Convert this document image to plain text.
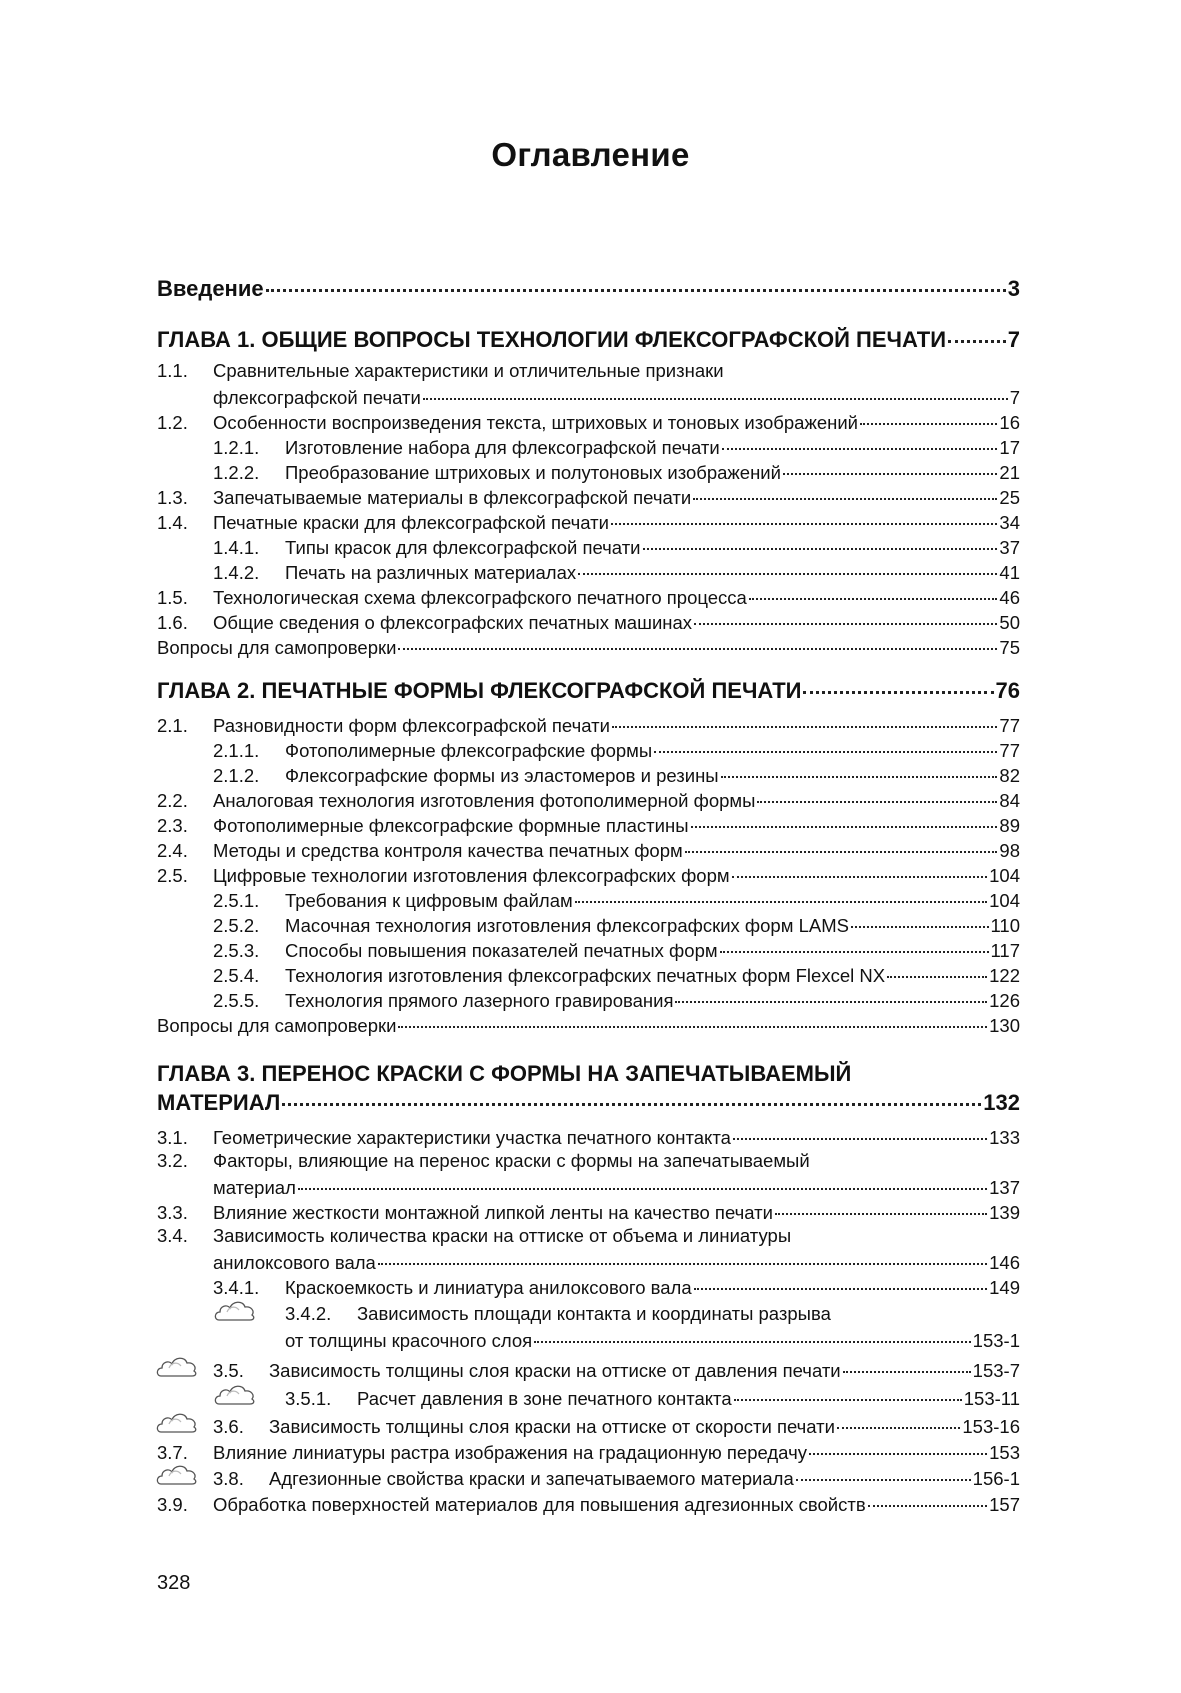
Оглавление
Введение	3
ГЛАВА 1. ОБЩИЕ ВОПРОСЫ ТЕХНОЛОГИИ ФЛЕКСОГРАФСКОЙ ПЕЧАТИ	7
1.1.	Сравнительные характеристики и отличительные признаки
флексографской печати	7
1.2.	Особенности воспроизведения текста, штриховых и тоновых изображений	16
1.2.1.	Изготовление набора для флексографской печати	17
1.2.2.	Преобразование штриховых и полутоновых изображений	21
1.3.	Запечатываемые материалы в флексографской печати	25
1.4.	Печатные краски для флексографской печати	34
1.4.1.	Типы красок для флексографской печати	37
1.4.2.	Печать на различных материалах	41
1.5.	Технологическая схема флексографского печатного процесса	46
1.6.	Общие сведения о флексографских печатных машинах	50
Вопросы для самопроверки	75
ГЛАВА 2. ПЕЧАТНЫЕ ФОРМЫ ФЛЕКСОГРАФСКОЙ ПЕЧАТИ	76
2.1.	Разновидности форм флексографской печати	77
2.1.1.	Фотополимерные флексографские формы	77
2.1.2.	Флексографские формы из эластомеров и резины	82
2.2.	Аналоговая технология изготовления фотополимерной формы	84
2.3.	Фотополимерные флексографские формные пластины	89
2.4.	Методы и средства контроля качества печатных форм	98
2.5.	Цифровые технологии изготовления флексографских форм	104
2.5.1.	Требования к цифровым файлам	104
2.5.2.	Масочная технология изготовления флексографских форм LAMS	110
2.5.3.	Способы повышения показателей печатных форм	117
2.5.4.	Технология изготовления флексографских печатных форм Flexcel NX	122
2.5.5.	Технология прямого лазерного гравирования	126
Вопросы для самопроверки	130
ГЛАВА 3. ПЕРЕНОС КРАСКИ С ФОРМЫ НА ЗАПЕЧАТЫВАЕМЫЙ
МАТЕРИАЛ	132
3.1.	Геометрические характеристики участка печатного контакта	133
3.2.	Факторы, влияющие на перенос краски с формы на запечатываемый
материал	137
3.3.	Влияние жесткости монтажной липкой ленты на качество печати	139
3.4.	Зависимость количества краски на оттиске от объема и линиатуры
анилоксового вала	146
3.4.1.	Краскоемкость и линиатура анилоксового вала	149
3.4.2.	Зависимость площади контакта и координаты разрыва
от толщины красочного слоя	153-1
3.5.	Зависимость толщины слоя краски на оттиске от давления печати	153-7
3.5.1.	Расчет давления в зоне печатного контакта	153-11
3.6.	Зависимость толщины слоя краски на оттиске от скорости печати	153-16
3.7.	Влияние линиатуры растра изображения на градационную передачу	153
3.8.	Адгезионные свойства краски и запечатываемого материала	156-1
3.9.	Обработка поверхностей материалов для повышения адгезионных свойств	157
328
